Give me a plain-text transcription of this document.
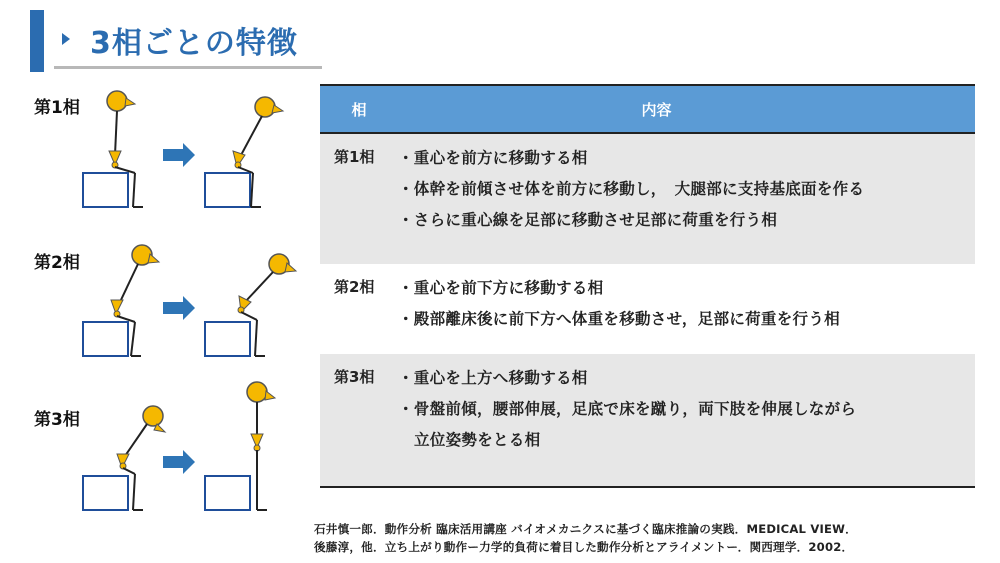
3相ごとの特徴
第1相
第2相
第3相
相	内容
第1相	・重心を前方に移動する相
・体幹を前傾させ体を前方に移動し，　大腿部に支持基底面を作る
・さらに重心線を足部に移動させ足部に荷重を行う相
第2相	・重心を前下方に移動する相
・殿部離床後に前下方へ体重を移動させ，足部に荷重を行う相
第3相	・重心を上方へ移動する相
・骨盤前傾，腰部伸展，足底で床を蹴り，両下肢を伸展しながら
立位姿勢をとる相
石井慎一郎．動作分析 臨床活用講座 バイオメカニクスに基づく臨床推論の実践．MEDICAL VIEW．
後藤淳，他．立ち上がり動作ー力学的負荷に着目した動作分析とアライメントー．関西理学．2002．
